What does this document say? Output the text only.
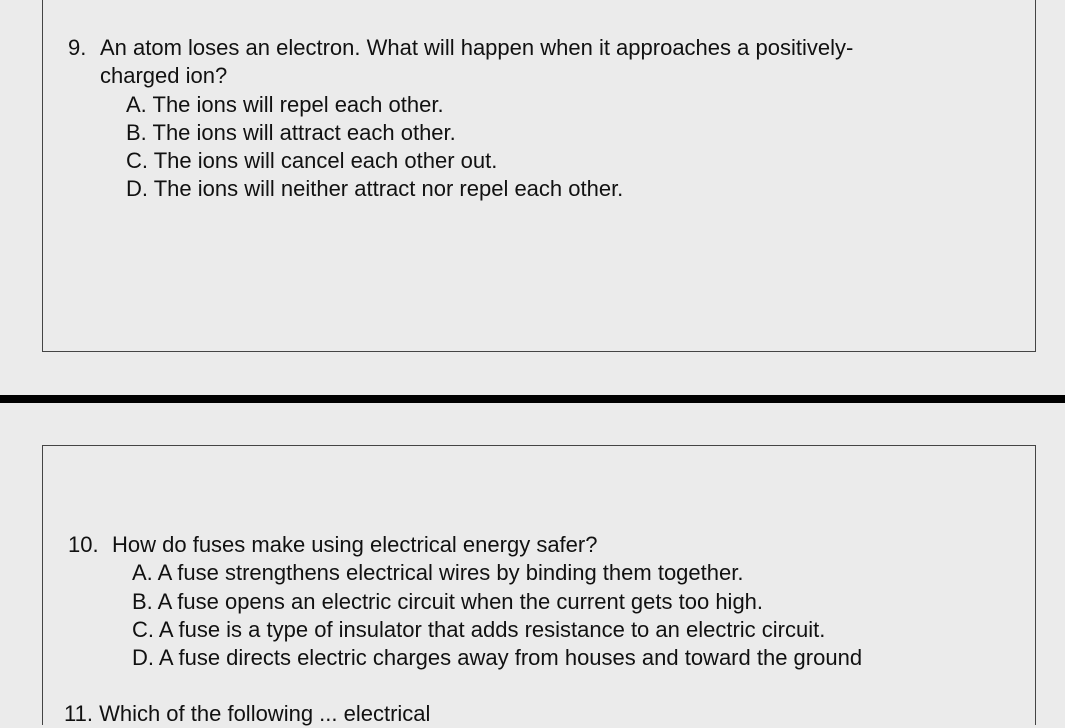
9. An atom loses an electron. What will happen when it approaches a positively-
charged ion?
A. The ions will repel each other.
B. The ions will attract each other.
C. The ions will cancel each other out.
D. The ions will neither attract nor repel each other.
10. How do fuses make using electrical energy safer?
A. A fuse strengthens electrical wires by binding them together.
B. A fuse opens an electric circuit when the current gets too high.
C. A fuse is a type of insulator that adds resistance to an electric circuit.
D. A fuse directs electric charges away from houses and toward the ground
11. Which of the following ... electrical
